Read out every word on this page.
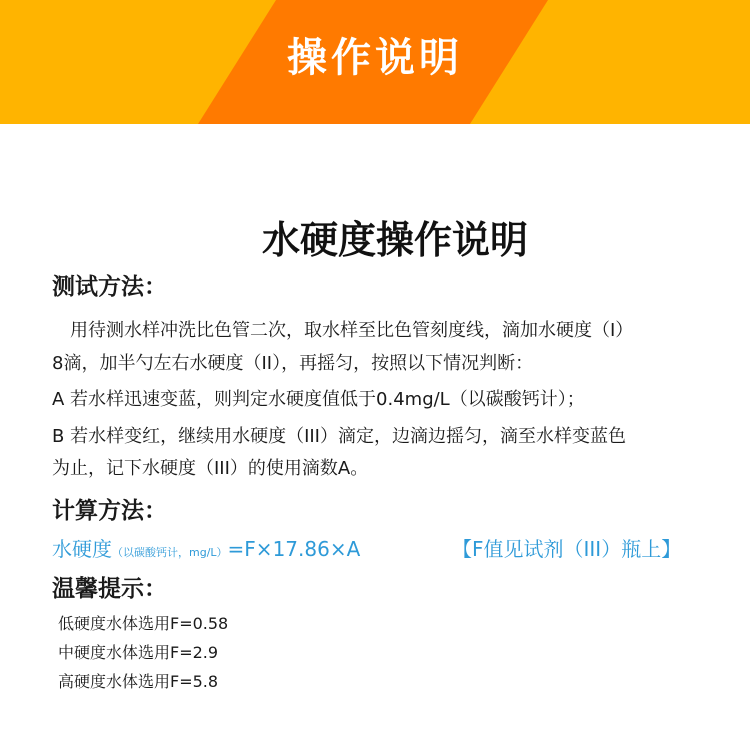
操作说明
水硬度操作说明
测试方法：
　用待测水样冲洗比色管二次，取水样至比色管刻度线，滴加水硬度（I）
8滴，加半勺左右水硬度（II），再摇匀，按照以下情况判断：
A 若水样迅速变蓝，则判定水硬度值低于0.4mg/L（以碳酸钙计）；
B 若水样变红，继续用水硬度（III）滴定，边滴边摇匀，滴至水样变蓝色
为止，记下水硬度（III）的使用滴数A。
计算方法：
水硬度（以碳酸钙计，mg/L）=F×17.86×A	【F值见试剂（III）瓶上】
温馨提示：
低硬度水体选用F=0.58
中硬度水体选用F=2.9
高硬度水体选用F=5.8
